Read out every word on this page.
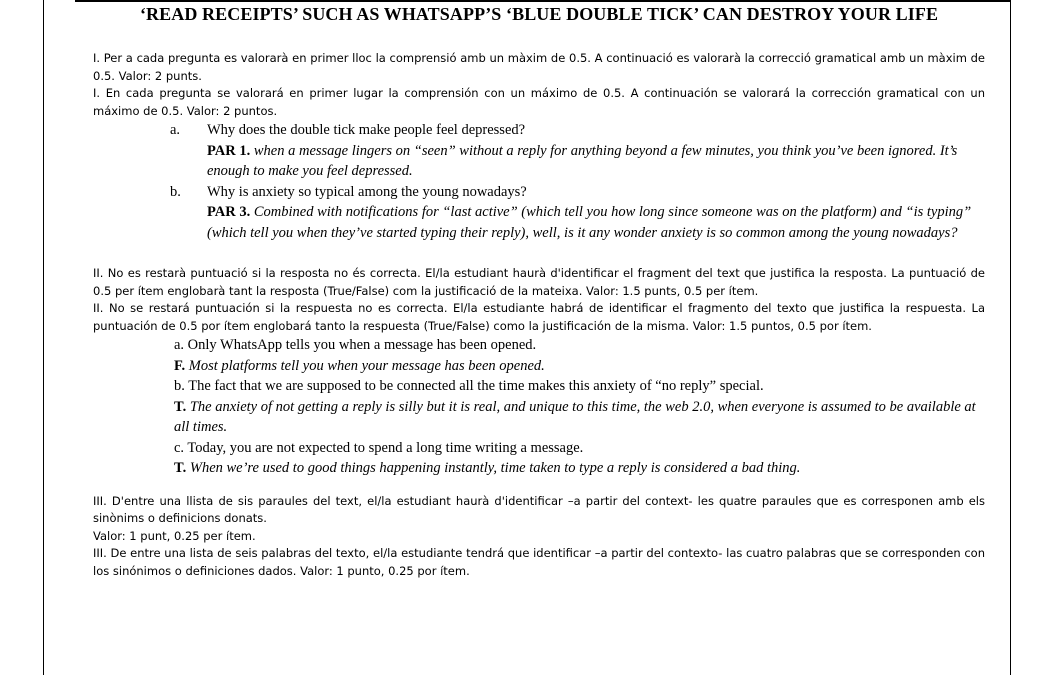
‘READ RECEIPTS’ SUCH AS WHATSAPP’S ‘BLUE DOUBLE TICK’ CAN DESTROY YOUR LIFE

I. Per a cada pregunta es valorarà en primer lloc la comprensió amb un màxim de 0.5. A continuació es valorarà la correcció gramatical amb un màxim de 0.5. Valor: 2 punts.

I. En cada pregunta se valorará en primer lugar la comprensión con un máximo de 0.5. A continuación se valorará la corrección gramatical con un máximo de 0.5. Valor: 2 puntos.

a.	Why does the double tick make people feel depressed?
PAR 1. when a message lingers on “seen” without a reply for anything beyond a few minutes, you think you’ve been ignored. It’s enough to make you feel depressed.
b.	Why is anxiety so typical among the young nowadays?
PAR 3. Combined with notifications for “last active” (which tell you how long since someone was on the platform) and “is typing” (which tell you when they’ve started typing their reply), well, is it any wonder anxiety is so common among the young nowadays?

II. No es restarà puntuació si la resposta no és correcta. El/la estudiant haurà d'identificar el fragment del text que justifica la resposta. La puntuació de 0.5 per ítem englobarà tant la resposta (True/False) com la justificació de la mateixa. Valor: 1.5 punts, 0.5 per ítem.

II. No se restará puntuación si la respuesta no es correcta. El/la estudiante habrá de identificar el fragmento del texto que justifica la respuesta. La puntuación de 0.5 por ítem englobará tanto la respuesta (True/False) como la justificación de la misma. Valor: 1.5 puntos, 0.5 por ítem.

a. Only WhatsApp tells you when a message has been opened.
F. Most platforms tell you when your message has been opened.
b. The fact that we are supposed to be connected all the time makes this anxiety of “no reply” special.
T. The anxiety of not getting a reply is silly but it is real, and unique to this time, the web 2.0, when everyone is assumed to be available at all times.
c. Today, you are not expected to spend a long time writing a message.
T. When we’re used to good things happening instantly, time taken to type a reply is considered a bad thing.

III. D'entre una llista de sis paraules del text, el/la estudiant haurà d'identificar –a partir del context- les quatre paraules que es corresponen amb els sinònims o definicions donats.

Valor: 1 punt, 0.25 per ítem.

III. De entre una lista de seis palabras del texto, el/la estudiante tendrá que identificar –a partir del contexto- las cuatro palabras que se corresponden con los sinónimos o definiciones dados. Valor: 1 punto, 0.25 por ítem.
